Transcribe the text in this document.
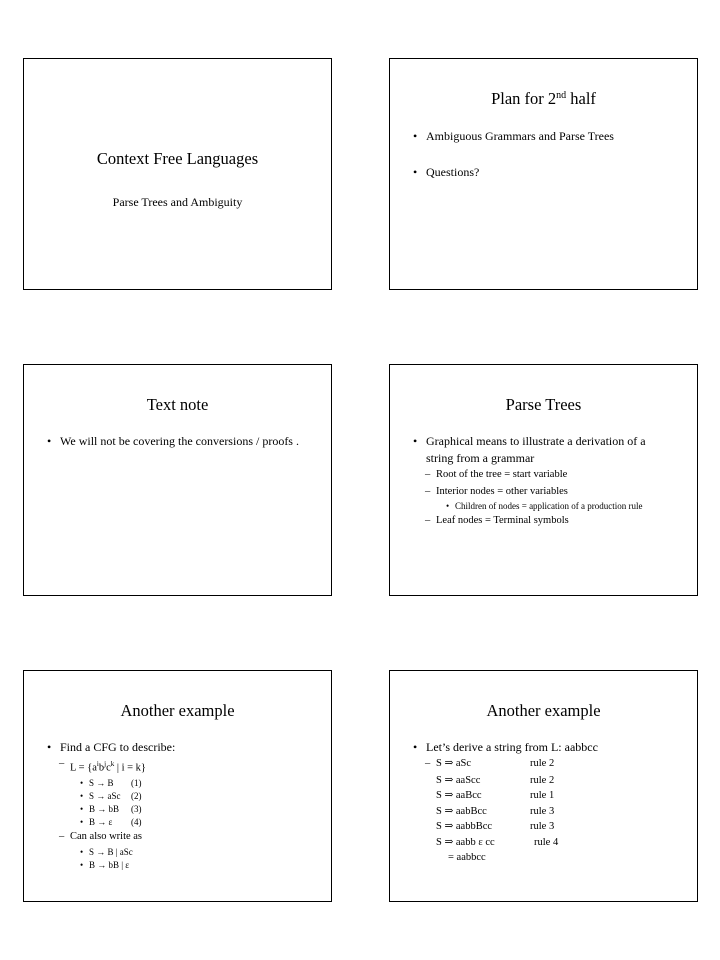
Context Free Languages
Parse Trees and Ambiguity
Plan for 2nd half
• Ambiguous Grammars and Parse Trees
• Questions?
Text note
• We will not be covering the conversions / proofs .
Parse Trees
• Graphical means to illustrate a derivation of a string from a grammar
– Root of the tree = start variable
– Interior nodes = other variables
• Children of nodes = application of a production rule
– Leaf nodes = Terminal symbols
Another example
• Find a CFG to describe:
– $L = \{a^ib^jc^k$ | i = k}
• S → B (1)
• S → aSc (2)
• B → bB (3)
• B → ε (4)
– Can also write as
• S → B | aSc
• B → bB | ε
Another example
• Let’s derive a string from L: aabbcc
– S ⇒ aSc	rule 2
S ⇒ aaScc	rule 2
S ⇒ aaBcc	rule 1
S ⇒ aabBcc	rule 3
S ⇒ aabbBcc	rule 3
S ⇒ aabb ε cc	rule 4
= aabbcc
